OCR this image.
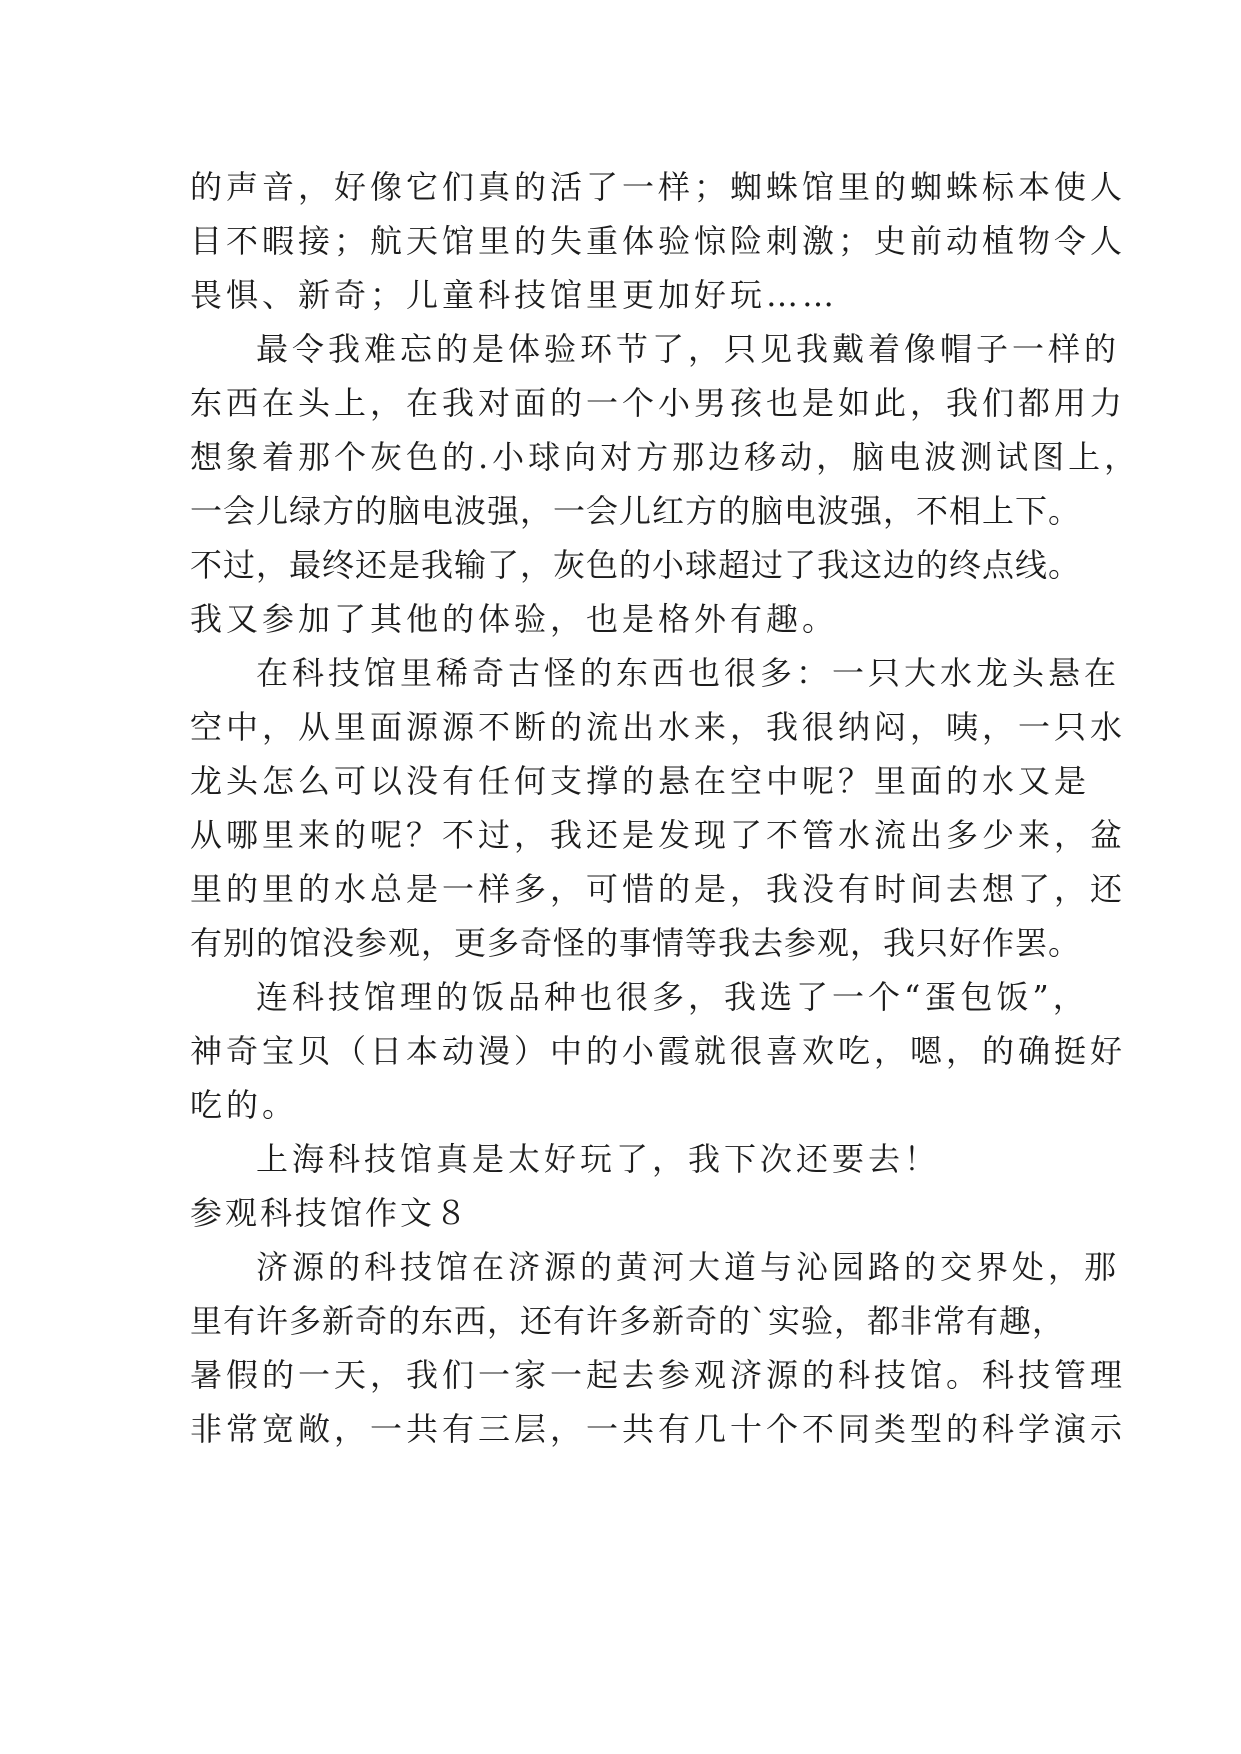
的声音，好像它们真的活了一样；蜘蛛馆里的蜘蛛标本使人
目不暇接；航天馆里的失重体验惊险刺激；史前动植物令人
畏惧、新奇；儿童科技馆里更加好玩……
最令我难忘的是体验环节了，只见我戴着像帽子一样的
东西在头上，在我对面的一个小男孩也是如此，我们都用力
想象着那个灰色的.小球向对方那边移动，脑电波测试图上，
一会儿绿方的脑电波强，一会儿红方的脑电波强，不相上下。
不过，最终还是我输了，灰色的小球超过了我这边的终点线。
我又参加了其他的体验，也是格外有趣。
在科技馆里稀奇古怪的东西也很多：一只大水龙头悬在
空中，从里面源源不断的流出水来，我很纳闷，咦，一只水
龙头怎么可以没有任何支撑的悬在空中呢？里面的水又是
从哪里来的呢？不过，我还是发现了不管水流出多少来，盆
里的里的水总是一样多，可惜的是，我没有时间去想了，还
有别的馆没参观，更多奇怪的事情等我去参观，我只好作罢。
连科技馆理的饭品种也很多，我选了一个“蛋包饭”，
神奇宝贝（日本动漫）中的小霞就很喜欢吃，嗯，的确挺好
吃的。
上海科技馆真是太好玩了，我下次还要去！
参观科技馆作文８
济源的科技馆在济源的黄河大道与沁园路的交界处，那
里有许多新奇的东西，还有许多新奇的`实验，都非常有趣，
暑假的一天，我们一家一起去参观济源的科技馆。科技管理
非常宽敞，一共有三层，一共有几十个不同类型的科学演示
